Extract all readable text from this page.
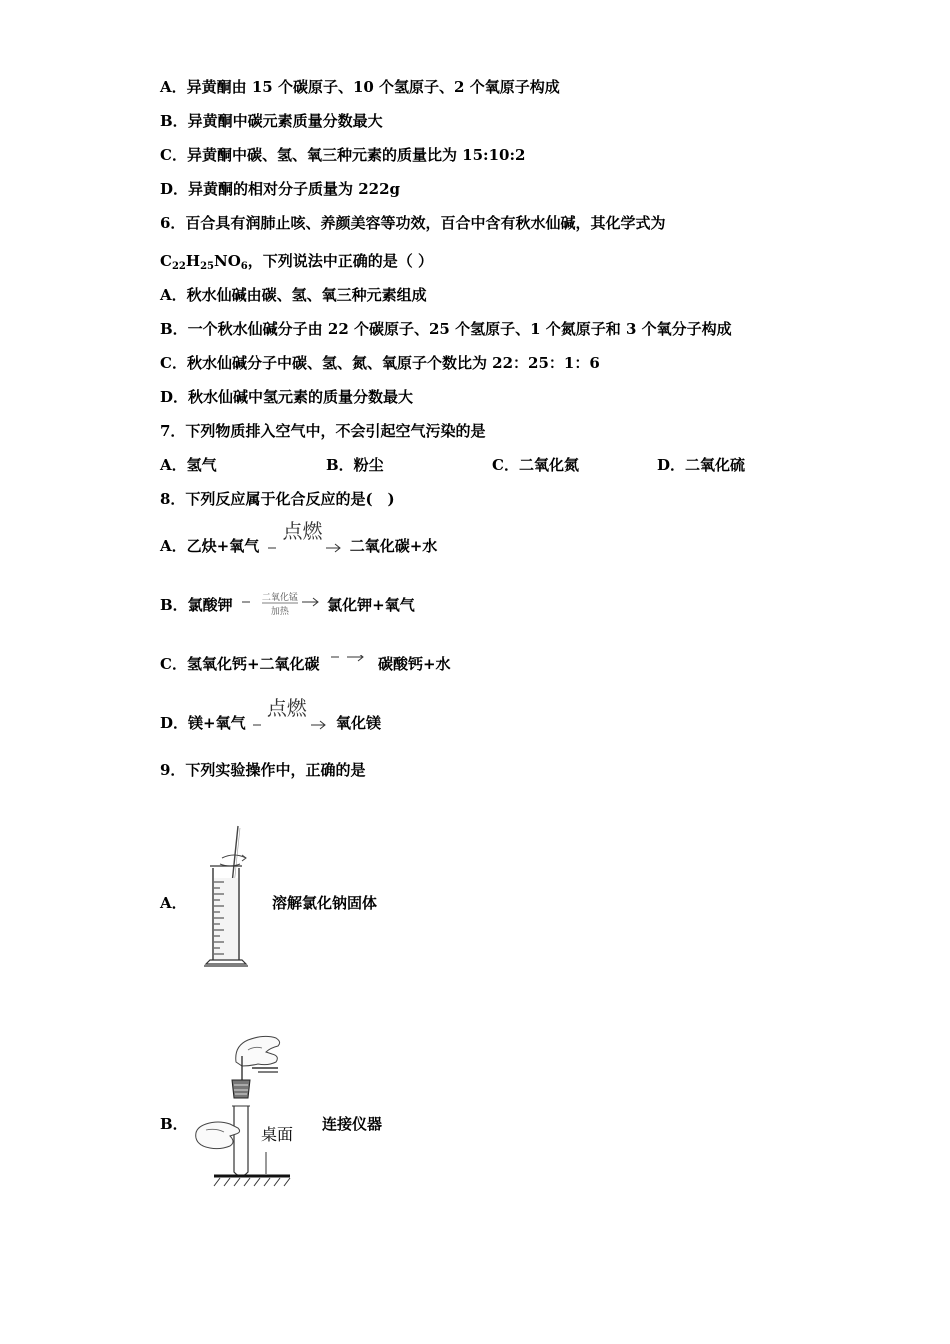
A．异黄酮由 15 个碳原子、10 个氢原子、2 个氧原子构成
B．异黄酮中碳元素质量分数最大
C．异黄酮中碳、氢、氧三种元素的质量比为 15:10:2
D．异黄酮的相对分子质量为 222g
6．百合具有润肺止咳、养颜美容等功效，百合中含有秋水仙碱，其化学式为
$C_{22}H_{25}NO_6$，下列说法中正确的是（ ）
A．秋水仙碱由碳、氢、氧三种元素组成
B．一个秋水仙碱分子由 22 个碳原子、25 个氢原子、1 个氮原子和 3 个氧分子构成
C．秋水仙碱分子中碳、氢、氮、氧原子个数比为 22：25：1：6
D．秋水仙碱中氢元素的质量分数最大
7．下列物质排入空气中，不会引起空气污染的是
A．氢气	B．粉尘	C．二氧化氮	D．二氧化硫
8．下列反应属于化合反应的是(　)
A．乙炔+氧气
点燃
二氧化碳+水
B．氯酸钾	二氧化锰
加热	氯化钾+氧气
C．氢氧化钙+二氧化碳	碳酸钙+水
D．镁+氧气
点燃
氧化镁
9．下列实验操作中，正确的是
A．	溶解氯化钠固体
B．	连接仪器
桌面
